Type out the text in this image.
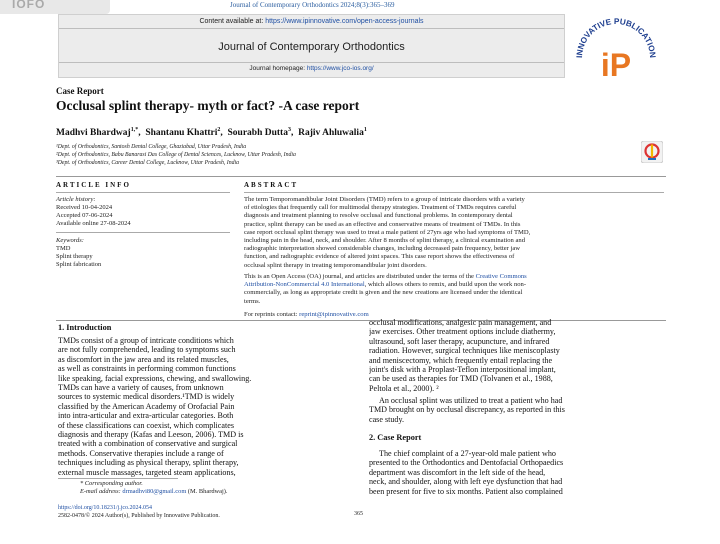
IOFO	Journal of Contemporary Orthodontics 2024;8(3):365–369
Content available at: https://www.ipinnovative.com/open-access-journals
Journal of Contemporary Orthodontics
Journal homepage: https://www.jco-ios.org/
INNOVATIVE PUBLICATION
iP
Case Report
Occlusal splint therapy- myth or fact? -A case report
Madhvi Bhardwaj$^{1,*}$,  Shantanu Khattri$^2$,  Sourabh Dutta$^3$,  Rajiv Ahluwalia$^1$
¹Dept. of Orthodontics, Santosh Dental College, Ghaziabad, Uttar Pradesh, India
²Dept. of Orthodontics, Babu Banarasi Das College of Dental Sciences, Lucknow, Uttar Pradesh, India
³Dept. of Orthodontics, Career Dental College, Lucknow, Uttar Pradesh, India
ARTICLE INFO
Article history:
Received 10-04-2024
Accepted 07-06-2024
Available online 27-08-2024
Keywords:
TMD
Splint therapy
Splint fabrication
ABSTRACT
The term Temporomandibular Joint Disorders (TMD) refers to a group of intricate disorders with a variety
of etiologies that frequently call for multimodal therapy strategies. Treatment of TMDs requires careful
diagnosis and treatment planning to resolve occlusal and functional problems. In contemporary dental
practice, splint therapy can be used as an effective and conservative means of treatment of TMDs. In this
case report occlusal splint therapy was used to treat a male patient of 27yrs age who had symptoms of TMD,
including pain in the head, neck, and shoulder. After 8 months of splint therapy, a clinical examination and
radiographic interpretation showed considerable changes, including decreased pain frequency, better jaw
function, and radiographic evidence of altered joint spaces. This case report shows the effectiveness of
occlusal splint therapy in treating temporomandibular joint disorders.
This is an Open Access (OA) journal, and articles are distributed under the terms of the Creative Commons
Attribution-NonCommercial 4.0 International, which allows others to remix, and build upon the work non-
commercially, as long as appropriate credit is given and the new creations are licensed under the identical
terms.
For reprints contact: reprint@ipinnovative.com
1. Introduction
TMDs consist of a group of intricate conditions which
are not fully comprehended, leading to symptoms such
as discomfort in the jaw area and its related muscles,
as well as constraints in performing common functions
like speaking, facial expressions, chewing, and swallowing.
TMDs can have a variety of causes, from unknown
sources to systemic medical disorders.¹TMD is widely
classified by the American Academy of Orofacial Pain
into intra-articular and extra-articular categories. Both
of these classifications can coexist, which complicates
diagnosis and therapy (Kafas and Leeson, 2006). TMD is
treated with a combination of conservative and surgical
methods. Conservative therapies include a range of
techniques including as physical therapy, splint therapy,
external muscle massages, targeted steam applications,
* Corresponding author.
E-mail address: drmadhvi80@gmail.com (M. Bhardwaj).
occlusal modifications, analgesic pain management, and
jaw exercises. Other treatment options include diathermy,
ultrasound, soft laser therapy, acupuncture, and infrared
radiation. However, surgical techniques like meniscoplasty
and meniscectomy, which frequently entail replacing the
joint's disk with a Proplast-Teflon interpositional implant,
can be used as therapies for TMD (Tolvanen et al., 1988,
Peltola et al., 2000). ²
An occlusal splint was utilized to treat a patient who had
TMD brought on by occlusal discrepancy, as reported in this
case study.
2. Case Report
The chief complaint of a 27-year-old male patient who
presented to the Orthodontics and Dentofacial Orthopaedics
department was discomfort in the left side of the head,
neck, and shoulder, along with left eye dysfunction that had
been present for five to six months. Patient also complained
https://doi.org/10.18231/j.jco.2024.054
2582-0478/© 2024 Author(s), Published by Innovative Publication.	365
